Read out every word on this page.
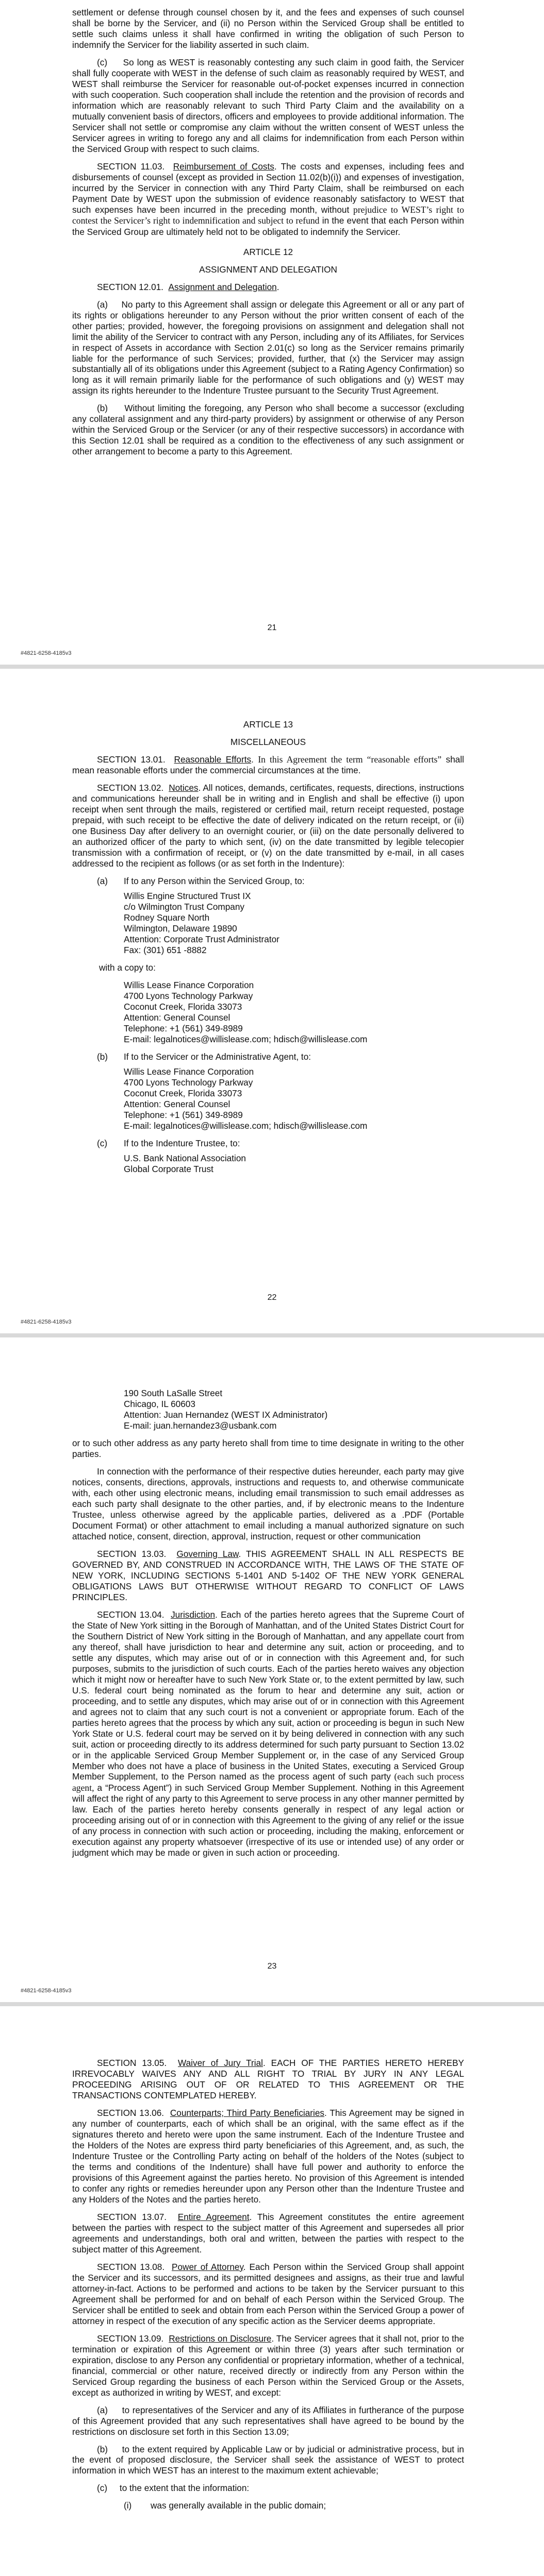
settlement or defense through counsel chosen by it, and the fees and expenses of such counsel shall be borne by the Servicer, and (ii) no Person within the Serviced Group shall be entitled to settle such claims unless it shall have confirmed in writing the obligation of such Person to indemnify the Servicer for the liability asserted in such claim.

(c)     So long as WEST is reasonably contesting any such claim in good faith, the Servicer shall fully cooperate with WEST in the defense of such claim as reasonably required by WEST, and WEST shall reimburse the Servicer for reasonable out-of-pocket expenses incurred in connection with such cooperation. Such cooperation shall include the retention and the provision of records and information which are reasonably relevant to such Third Party Claim and the availability on a mutually convenient basis of directors, officers and employees to provide additional information. The Servicer shall not settle or compromise any claim without the written consent of WEST unless the Servicer agrees in writing to forego any and all claims for indemnification from each Person within the Serviced Group with respect to such claims.

SECTION 11.03.  Reimbursement of Costs. The costs and expenses, including fees and disbursements of counsel (except as provided in Section 11.02(b)(i)) and expenses of investigation, incurred by the Servicer in connection with any Third Party Claim, shall be reimbursed on each Payment Date by WEST upon the submission of evidence reasonably satisfactory to WEST that such expenses have been incurred in the preceding month, without prejudice to WEST’s right to contest the Servicer’s right to indemnification and subject to refund in the event that each Person within the Serviced Group are ultimately held not to be obligated to indemnify the Servicer.

ARTICLE 12

ASSIGNMENT AND DELEGATION

SECTION 12.01.  Assignment and Delegation.

(a)     No party to this Agreement shall assign or delegate this Agreement or all or any part of its rights or obligations hereunder to any Person without the prior written consent of each of the other parties; provided, however, the foregoing provisions on assignment and delegation shall not limit the ability of the Servicer to contract with any Person, including any of its Affiliates, for Services in respect of Assets in accordance with Section 2.01(c) so long as the Servicer remains primarily liable for the performance of such Services; provided, further, that (x) the Servicer may assign substantially all of its obligations under this Agreement (subject to a Rating Agency Confirmation) so long as it will remain primarily liable for the performance of such obligations and (y) WEST may assign its rights hereunder to the Indenture Trustee pursuant to the Security Trust Agreement.

(b)     Without limiting the foregoing, any Person who shall become a successor (excluding any collateral assignment and any third-party providers) by assignment or otherwise of any Person within the Serviced Group or the Servicer (or any of their respective successors) in accordance with this Section 12.01 shall be required as a condition to the effectiveness of any such assignment or other arrangement to become a party to this Agreement.

21
#4821-6258-4185v3

ARTICLE 13

MISCELLANEOUS

SECTION 13.01.  Reasonable Efforts. In this Agreement the term “reasonable efforts” shall mean reasonable efforts under the commercial circumstances at the time.

SECTION 13.02.  Notices. All notices, demands, certificates, requests, directions, instructions and communications hereunder shall be in writing and in English and shall be effective (i) upon receipt when sent through the mails, registered or certified mail, return receipt requested, postage prepaid, with such receipt to be effective the date of delivery indicated on the return receipt, or (ii) one Business Day after delivery to an overnight courier, or (iii) on the date personally delivered to an authorized officer of the party to which sent, (iv) on the date transmitted by legible telecopier transmission with a confirmation of receipt, or (v) on the date transmitted by e-mail, in all cases addressed to the recipient as follows (or as set forth in the Indenture):

(a)	If to any Person within the Serviced Group, to:
Willis Engine Structured Trust IX
c/o Wilmington Trust Company
Rodney Square North
Wilmington, Delaware 19890
Attention: Corporate Trust Administrator
Fax: (301) 651 -8882
with a copy to:
Willis Lease Finance Corporation
4700 Lyons Technology Parkway
Coconut Creek, Florida 33073
Attention: General Counsel
Telephone: +1 (561) 349-8989
E-mail: legalnotices@willislease.com; hdisch@willislease.com
(b)	If to the Servicer or the Administrative Agent, to:
Willis Lease Finance Corporation
4700 Lyons Technology Parkway
Coconut Creek, Florida 33073
Attention: General Counsel
Telephone: +1 (561) 349-8989
E-mail: legalnotices@willislease.com; hdisch@willislease.com
(c)	If to the Indenture Trustee, to:
U.S. Bank National Association
Global Corporate Trust
22
#4821-6258-4185v3
190 South LaSalle Street
Chicago, IL 60603
Attention: Juan Hernandez (WEST IX Administrator)
E-mail: juan.hernandez3@usbank.com

or to such other address as any party hereto shall from time to time designate in writing to the other parties.

In connection with the performance of their respective duties hereunder, each party may give notices, consents, directions, approvals, instructions and requests to, and otherwise communicate with, each other using electronic means, including email transmission to such email addresses as each such party shall designate to the other parties, and, if by electronic means to the Indenture Trustee, unless otherwise agreed by the applicable parties, delivered as a .PDF (Portable Document Format) or other attachment to email including a manual authorized signature on such attached notice, consent, direction, approval, instruction, request or other communication

SECTION 13.03.  Governing Law. THIS AGREEMENT SHALL IN ALL RESPECTS BE GOVERNED BY, AND CONSTRUED IN ACCORDANCE WITH, THE LAWS OF THE STATE OF NEW YORK, INCLUDING SECTIONS 5-1401 AND 5-1402 OF THE NEW YORK GENERAL OBLIGATIONS LAWS BUT OTHERWISE WITHOUT REGARD TO CONFLICT OF LAWS PRINCIPLES.

SECTION 13.04.  Jurisdiction. Each of the parties hereto agrees that the Supreme Court of the State of New York sitting in the Borough of Manhattan, and of the United States District Court for the Southern District of New York sitting in the Borough of Manhattan, and any appellate court from any thereof, shall have jurisdiction to hear and determine any suit, action or proceeding, and to settle any disputes, which may arise out of or in connection with this Agreement and, for such purposes, submits to the jurisdiction of such courts. Each of the parties hereto waives any objection which it might now or hereafter have to such New York State or, to the extent permitted by law, such U.S. federal court being nominated as the forum to hear and determine any suit, action or proceeding, and to settle any disputes, which may arise out of or in connection with this Agreement and agrees not to claim that any such court is not a convenient or appropriate forum. Each of the parties hereto agrees that the process by which any suit, action or proceeding is begun in such New York State or U.S. federal court may be served on it by being delivered in connection with any such suit, action or proceeding directly to its address determined for such party pursuant to Section 13.02 or in the applicable Serviced Group Member Supplement or, in the case of any Serviced Group Member who does not have a place of business in the United States, executing a Serviced Group Member Supplement, to the Person named as the process agent of such party (each such process agent, a “Process Agent”) in such Serviced Group Member Supplement. Nothing in this Agreement will affect the right of any party to this Agreement to serve process in any other manner permitted by law. Each of the parties hereto hereby consents generally in respect of any legal action or proceeding arising out of or in connection with this Agreement to the giving of any relief or the issue of any process in connection with such action or proceeding, including the making, enforcement or execution against any property whatsoever (irrespective of its use or intended use) of any order or judgment which may be made or given in such action or proceeding.

23
#4821-6258-4185v3

SECTION 13.05.  Waiver of Jury Trial. EACH OF THE PARTIES HERETO HEREBY IRREVOCABLY WAIVES ANY AND ALL RIGHT TO TRIAL BY JURY IN ANY LEGAL PROCEEDING ARISING OUT OF OR RELATED TO THIS AGREEMENT OR THE TRANSACTIONS CONTEMPLATED HEREBY.

SECTION 13.06.  Counterparts; Third Party Beneficiaries. This Agreement may be signed in any number of counterparts, each of which shall be an original, with the same effect as if the signatures thereto and hereto were upon the same instrument. Each of the Indenture Trustee and the Holders of the Notes are express third party beneficiaries of this Agreement, and, as such, the Indenture Trustee or the Controlling Party acting on behalf of the holders of the Notes (subject to the terms and conditions of the Indenture) shall have full power and authority to enforce the provisions of this Agreement against the parties hereto. No provision of this Agreement is intended to confer any rights or remedies hereunder upon any Person other than the Indenture Trustee and any Holders of the Notes and the parties hereto.

SECTION 13.07.  Entire Agreement. This Agreement constitutes the entire agreement between the parties with respect to the subject matter of this Agreement and supersedes all prior agreements and understandings, both oral and written, between the parties with respect to the subject matter of this Agreement.

SECTION 13.08.  Power of Attorney. Each Person within the Serviced Group shall appoint the Servicer and its successors, and its permitted designees and assigns, as their true and lawful attorney-in-fact. Actions to be performed and actions to be taken by the Servicer pursuant to this Agreement shall be performed for and on behalf of each Person within the Serviced Group. The Servicer shall be entitled to seek and obtain from each Person within the Serviced Group a power of attorney in respect of the execution of any specific action as the Servicer deems appropriate.

SECTION 13.09.  Restrictions on Disclosure. The Servicer agrees that it shall not, prior to the termination or expiration of this Agreement or within three (3) years after such termination or expiration, disclose to any Person any confidential or proprietary information, whether of a technical, financial, commercial or other nature, received directly or indirectly from any Person within the Serviced Group regarding the business of each Person within the Serviced Group or the Assets, except as authorized in writing by WEST, and except:

(a)     to representatives of the Servicer and any of its Affiliates in furtherance of the purpose of this Agreement provided that any such representatives shall have agreed to be bound by the restrictions on disclosure set forth in this Section 13.09;

(b)     to the extent required by Applicable Law or by judicial or administrative process, but in the event of proposed disclosure, the Servicer shall seek the assistance of WEST to protect information in which WEST has an interest to the maximum extent achievable;

(c)     to the extent that the information:

(i)	was generally available in the public domain;
